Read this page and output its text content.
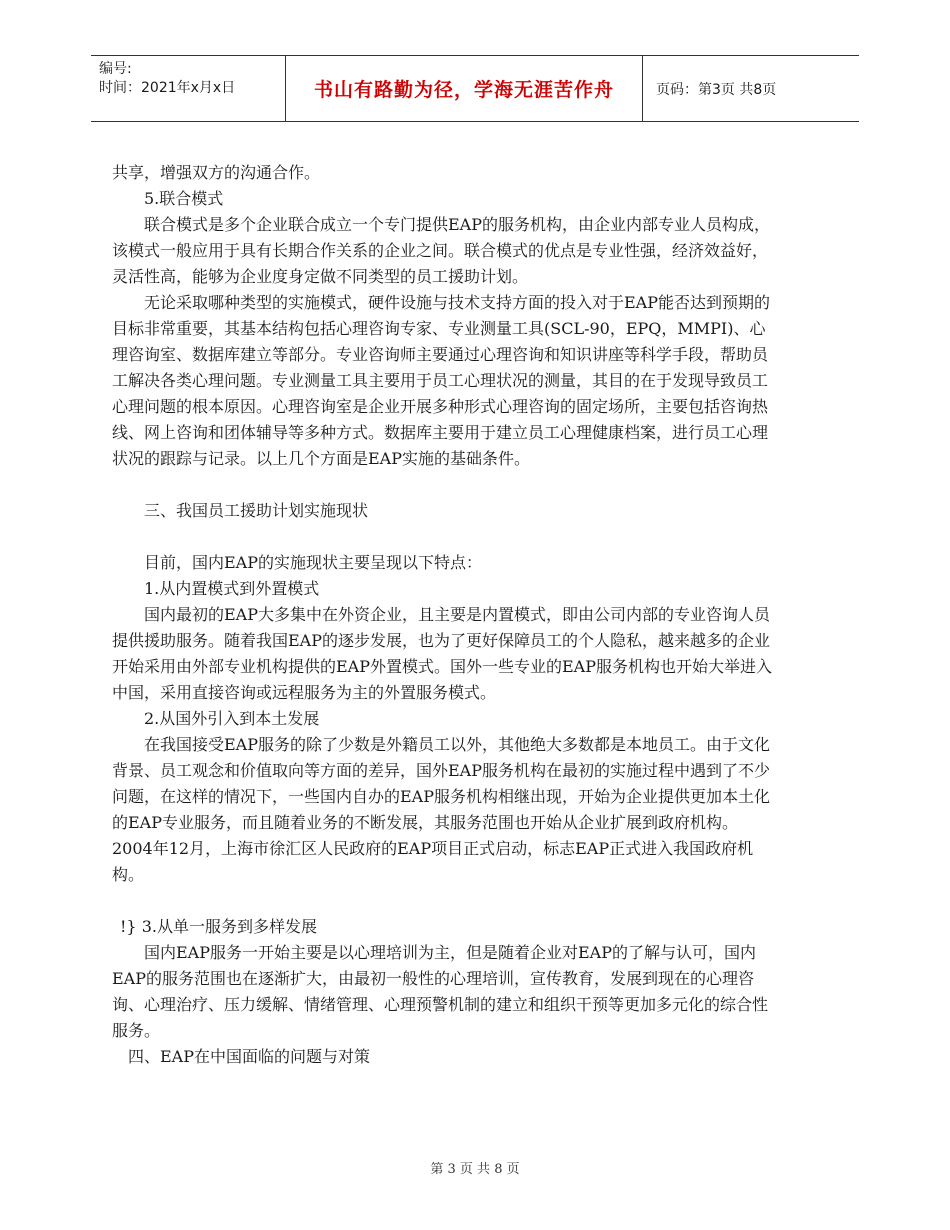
编号:
时间：2021年x月x日	书山有路勤为径，学海无涯苦作舟	页码：第3页 共8页

共享，增强双方的沟通合作。

5.联合模式

联合模式是多个企业联合成立一个专门提供EAP的服务机构，由企业内部专业人员构成，该模式一般应用于具有长期合作关系的企业之间。联合模式的优点是专业性强，经济效益好，灵活性高，能够为企业度身定做不同类型的员工援助计划。

无论采取哪种类型的实施模式，硬件设施与技术支持方面的投入对于EAP能否达到预期的目标非常重要，其基本结构包括心理咨询专家、专业测量工具(SCL-90，EPQ，MMPI)、心理咨询室、数据库建立等部分。专业咨询师主要通过心理咨询和知识讲座等科学手段，帮助员工解决各类心理问题。专业测量工具主要用于员工心理状况的测量，其目的在于发现导致员工心理问题的根本原因。心理咨询室是企业开展多种形式心理咨询的固定场所，主要包括咨询热线、网上咨询和团体辅导等多种方式。数据库主要用于建立员工心理健康档案，进行员工心理状况的跟踪与记录。以上几个方面是EAP实施的基础条件。

三、我国员工援助计划实施现状

目前，国内EAP的实施现状主要呈现以下特点：

1.从内置模式到外置模式

国内最初的EAP大多集中在外资企业，且主要是内置模式，即由公司内部的专业咨询人员提供援助服务。随着我国EAP的逐步发展，也为了更好保障员工的个人隐私，越来越多的企业开始采用由外部专业机构提供的EAP外置模式。国外一些专业的EAP服务机构也开始大举进入中国，采用直接咨询或远程服务为主的外置服务模式。

2.从国外引入到本土发展

在我国接受EAP服务的除了少数是外籍员工以外，其他绝大多数都是本地员工。由于文化背景、员工观念和价值取向等方面的差异，国外EAP服务机构在最初的实施过程中遇到了不少问题，在这样的情况下，一些国内自办的EAP服务机构相继出现，开始为企业提供更加本土化的EAP专业服务，而且随着业务的不断发展，其服务范围也开始从企业扩展到政府机构。2004年12月，上海市徐汇区人民政府的EAP项目正式启动，标志EAP正式进入我国政府机构。

!} 3.从单一服务到多样发展

国内EAP服务一开始主要是以心理培训为主，但是随着企业对EAP的了解与认可，国内EAP的服务范围也在逐渐扩大，由最初一般性的心理培训，宣传教育，发展到现在的心理咨询、心理治疗、压力缓解、情绪管理、心理预警机制的建立和组织干预等更加多元化的综合性服务。

四、EAP在中国面临的问题与对策

第 3 页 共 8 页
